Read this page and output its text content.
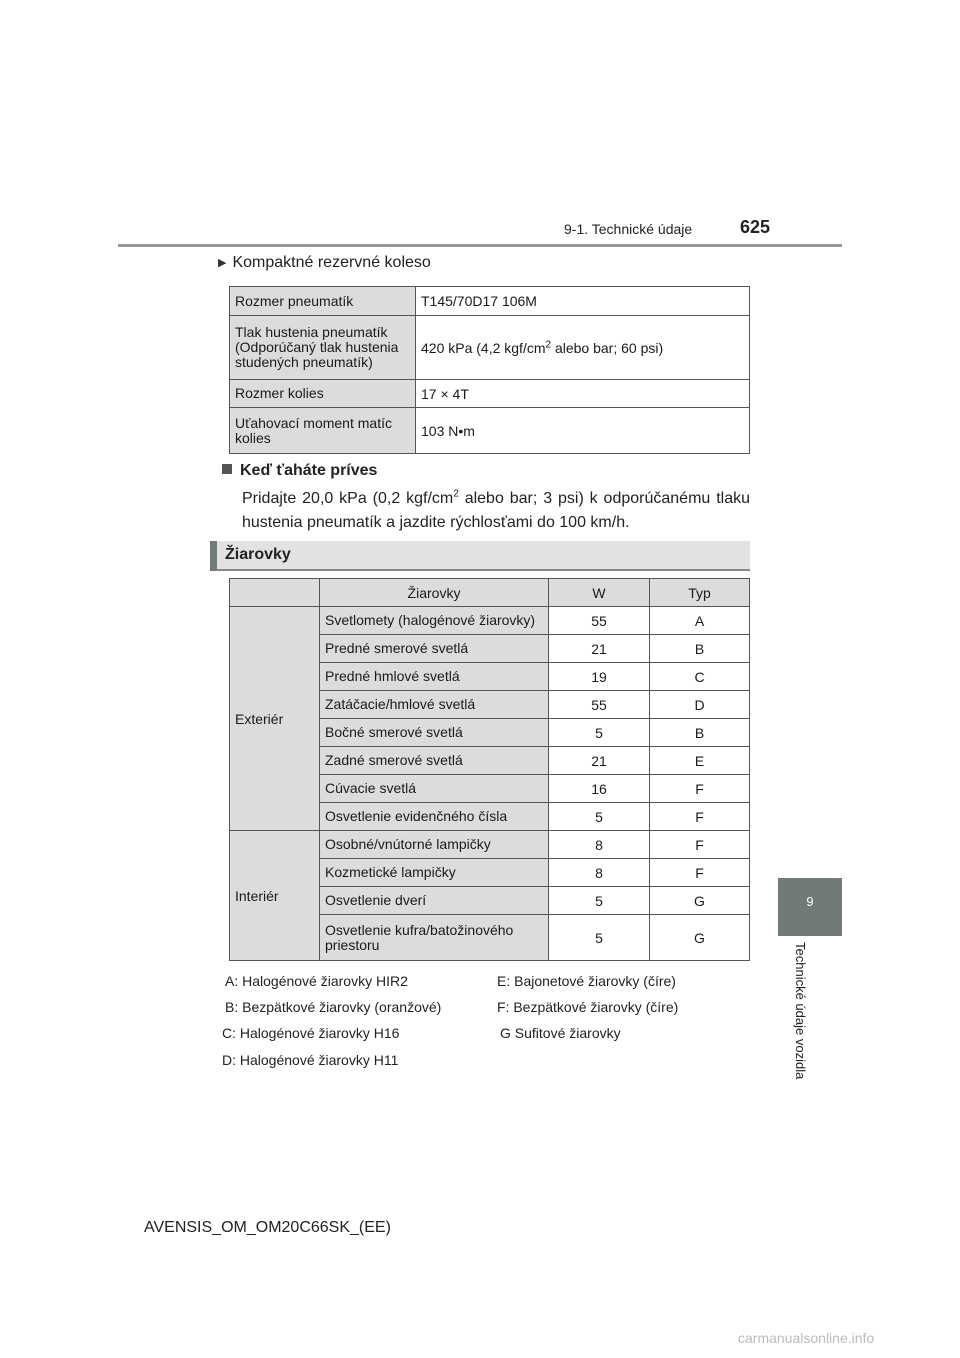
9-1. Technické údaje	625
9
Technické údaje vozidla
▶ Kompaktné rezervné koleso
Rozmer pneumatík	T145/70D17 106M
Tlak hustenia pneumatík (Odporúčaný tlak hustenia studených pneumatík)	420 kPa (4,2 kgf/$cm^2$ alebo bar; 60 psi)
Rozmer kolies	17 × 4T
Uťahovací moment matíc kolies	103 N•m
Keď ťaháte príves
Pridajte 20,0 kPa (0,2 kgf/$cm^2$ alebo bar; 3 psi) k odporúčanému tlaku hustenia pneumatík a jazdite rýchlosťami do 100 km/h.
Žiarovky
	Žiarovky	W	Typ
Exteriér	Svetlomety (halogénové žiarovky)	55	A
	Predné smerové svetlá	21	B
	Predné hmlové svetlá	19	C
	Zatáčacie/hmlové svetlá	55	D
	Bočné smerové svetlá	5	B
	Zadné smerové svetlá	21	E
	Cúvacie svetlá	16	F
	Osvetlenie evidenčného čísla	5	F
Interiér	Osobné/vnútorné lampičky	8	F
	Kozmetické lampičky	8	F
	Osvetlenie dverí	5	G
	Osvetlenie kufra/batožinového priestoru	5	G
A: Halogénové žiarovky HIR2	E: Bajonetové žiarovky (číre)
B: Bezpätkové žiarovky (oranžové)	F: Bezpätkové žiarovky (číre)
C: Halogénové žiarovky H16	G Sufitové žiarovky
D: Halogénové žiarovky H11
AVENSIS_OM_OM20C66SK_(EE)
carmanualsonline.info
